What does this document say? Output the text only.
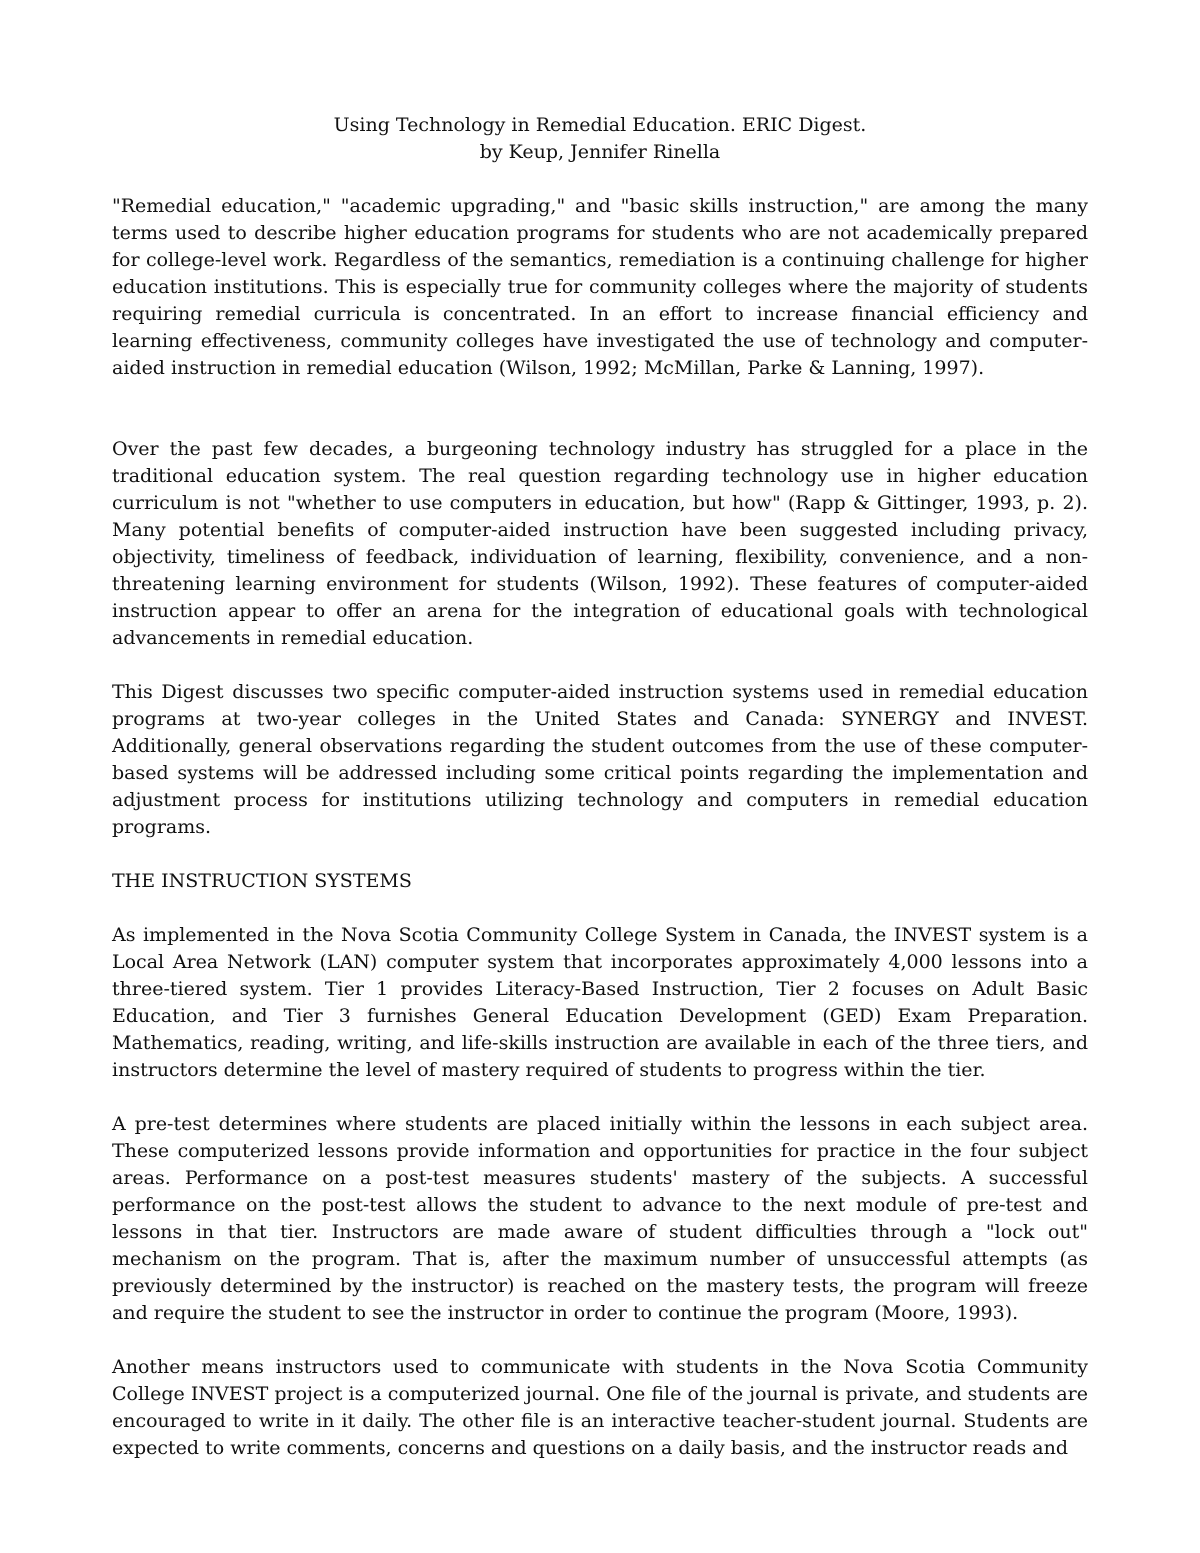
Using Technology in Remedial Education. ERIC Digest.
by Keup, Jennifer Rinella

"Remedial education," "academic upgrading," and "basic skills instruction," are among the many terms used to describe higher education programs for students who are not academically prepared for college-level work. Regardless of the semantics, remediation is a continuing challenge for higher education institutions. This is especially true for community colleges where the majority of students requiring remedial curricula is concentrated. In an effort to increase financial efficiency and learning effectiveness, community colleges have investigated the use of technology and computer-aided instruction in remedial education (Wilson, 1992; McMillan, Parke & Lanning, 1997).

Over the past few decades, a burgeoning technology industry has struggled for a place in the traditional education system. The real question regarding technology use in higher education curriculum is not "whether to use computers in education, but how" (Rapp & Gittinger, 1993, p. 2). Many potential benefits of computer-aided instruction have been suggested including privacy, objectivity, timeliness of feedback, individuation of learning, flexibility, convenience, and a non-threatening learning environment for students (Wilson, 1992). These features of computer-aided instruction appear to offer an arena for the integration of educational goals with technological advancements in remedial education.

This Digest discusses two specific computer-aided instruction systems used in remedial education programs at two-year colleges in the United States and Canada: SYNERGY and INVEST. Additionally, general observations regarding the student outcomes from the use of these computer-based systems will be addressed including some critical points regarding the implementation and adjustment process for institutions utilizing technology and computers in remedial education programs.

THE INSTRUCTION SYSTEMS

As implemented in the Nova Scotia Community College System in Canada, the INVEST system is a Local Area Network (LAN) computer system that incorporates approximately 4,000 lessons into a three-tiered system. Tier 1 provides Literacy-Based Instruction, Tier 2 focuses on Adult Basic Education, and Tier 3 furnishes General Education Development (GED) Exam Preparation. Mathematics, reading, writing, and life-skills instruction are available in each of the three tiers, and instructors determine the level of mastery required of students to progress within the tier.

A pre-test determines where students are placed initially within the lessons in each subject area. These computerized lessons provide information and opportunities for practice in the four subject areas. Performance on a post-test measures students' mastery of the subjects. A successful performance on the post-test allows the student to advance to the next module of pre-test and lessons in that tier. Instructors are made aware of student difficulties through a "lock out" mechanism on the program. That is, after the maximum number of unsuccessful attempts (as previously determined by the instructor) is reached on the mastery tests, the program will freeze and require the student to see the instructor in order to continue the program (Moore, 1993).

Another means instructors used to communicate with students in the Nova Scotia Community College INVEST project is a computerized journal. One file of the journal is private, and students are encouraged to write in it daily. The other file is an interactive teacher-student journal. Students are expected to write comments, concerns and questions on a daily basis, and the instructor reads and
